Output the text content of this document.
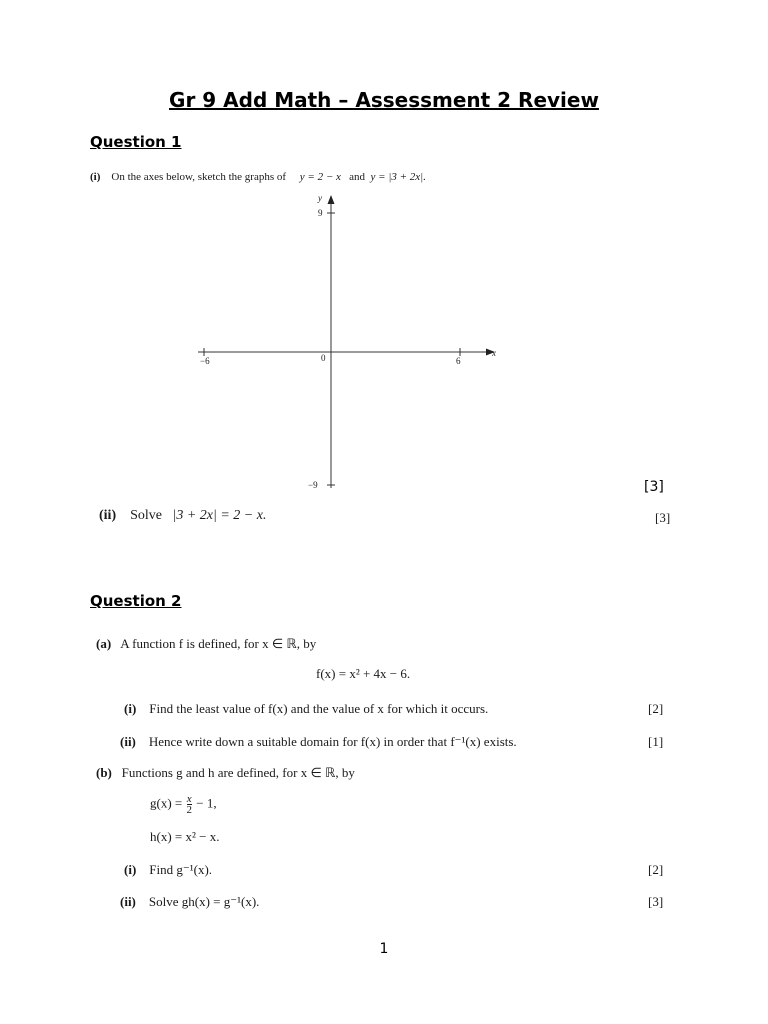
Gr 9 Add Math – Assessment 2 Review
Question 1
(i) On the axes below, sketch the graphs of y = 2 − x and y = |3 + 2x|.
y
x
9
−9
−6	6
0
[3]
(ii) Solve |3 + 2x| = 2 − x.	[3]
Question 2
(a) A function f is defined, for x ∈ ℝ, by
f(x) = x² + 4x − 6.
(i) Find the least value of f(x) and the value of x for which it occurs.	[2]
(ii) Hence write down a suitable domain for f(x) in order that f⁻¹(x) exists.	[1]
(b) Functions g and h are defined, for x ∈ ℝ, by
$g(x) = \frac{x}{2} - 1$,
h(x) = x² − x.
(i) Find g⁻¹(x).	[2]
(ii) Solve gh(x) = g⁻¹(x).	[3]
1
